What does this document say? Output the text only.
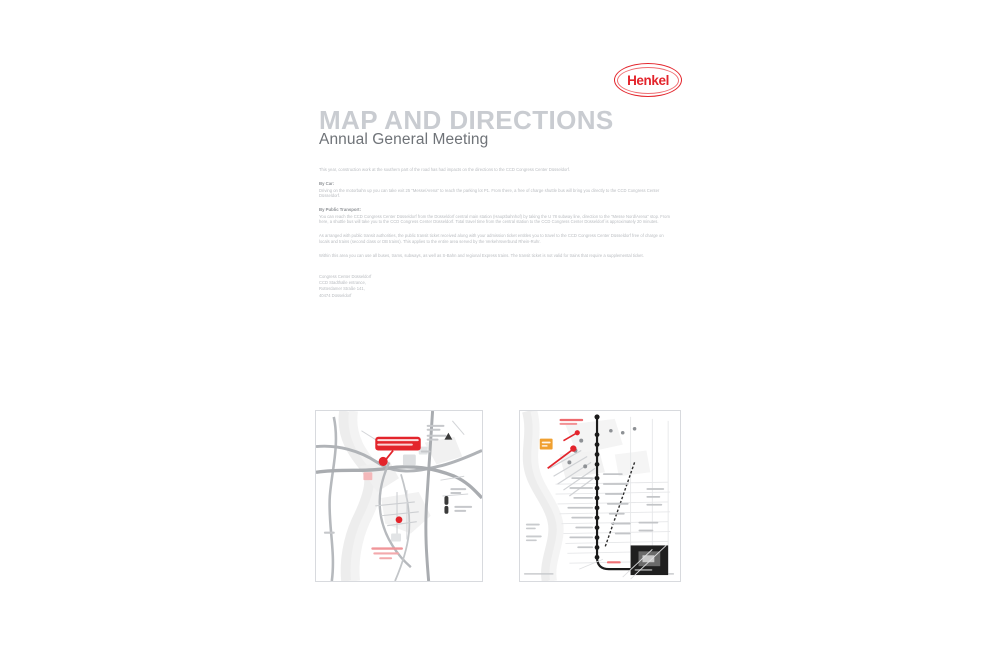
Henkel
MAP AND DIRECTIONS
Annual General Meeting

This year, construction work at the southern part of the road has had impacts on the directions to the CCD Congress Center Düsseldorf.

By Car:

Driving on the motorbahn up you can take exit 25 "Messe/Arena" to reach the parking lot P1. From there, a free of charge shuttle bus will bring you directly to the CCD Congress Center Düsseldorf.

By Public Transport:

You can reach the CCD Congress Center Düsseldorf from the Düsseldorf central main station (Hauptbahnhof) by taking the U 78 subway line, direction to the "Messe Nord/Arena" stop. From here, a shuttle bus will take you to the CCD Congress Center Düsseldorf. Total travel time from the central station to the CCD Congress Center Düsseldorf is approximately 20 minutes.

As arranged with public transit authorities, the public transit ticket received along with your admission ticket entitles you to travel to the CCD Congress Center Düsseldorf free of charge on locals and trains (second class or DB trains). This applies to the entire area served by the Verkehrsverbund Rhein-Ruhr.

Within this area you can use all buses, trams, subways, as well as S-Bahn and regional Express trains. The transit ticket is not valid for trains that require a supplemental ticket.

Congress Center Düsseldorf

CCD Stadthalle entrance,

Rotterdamer Straße 141,

40474 Düsseldorf
